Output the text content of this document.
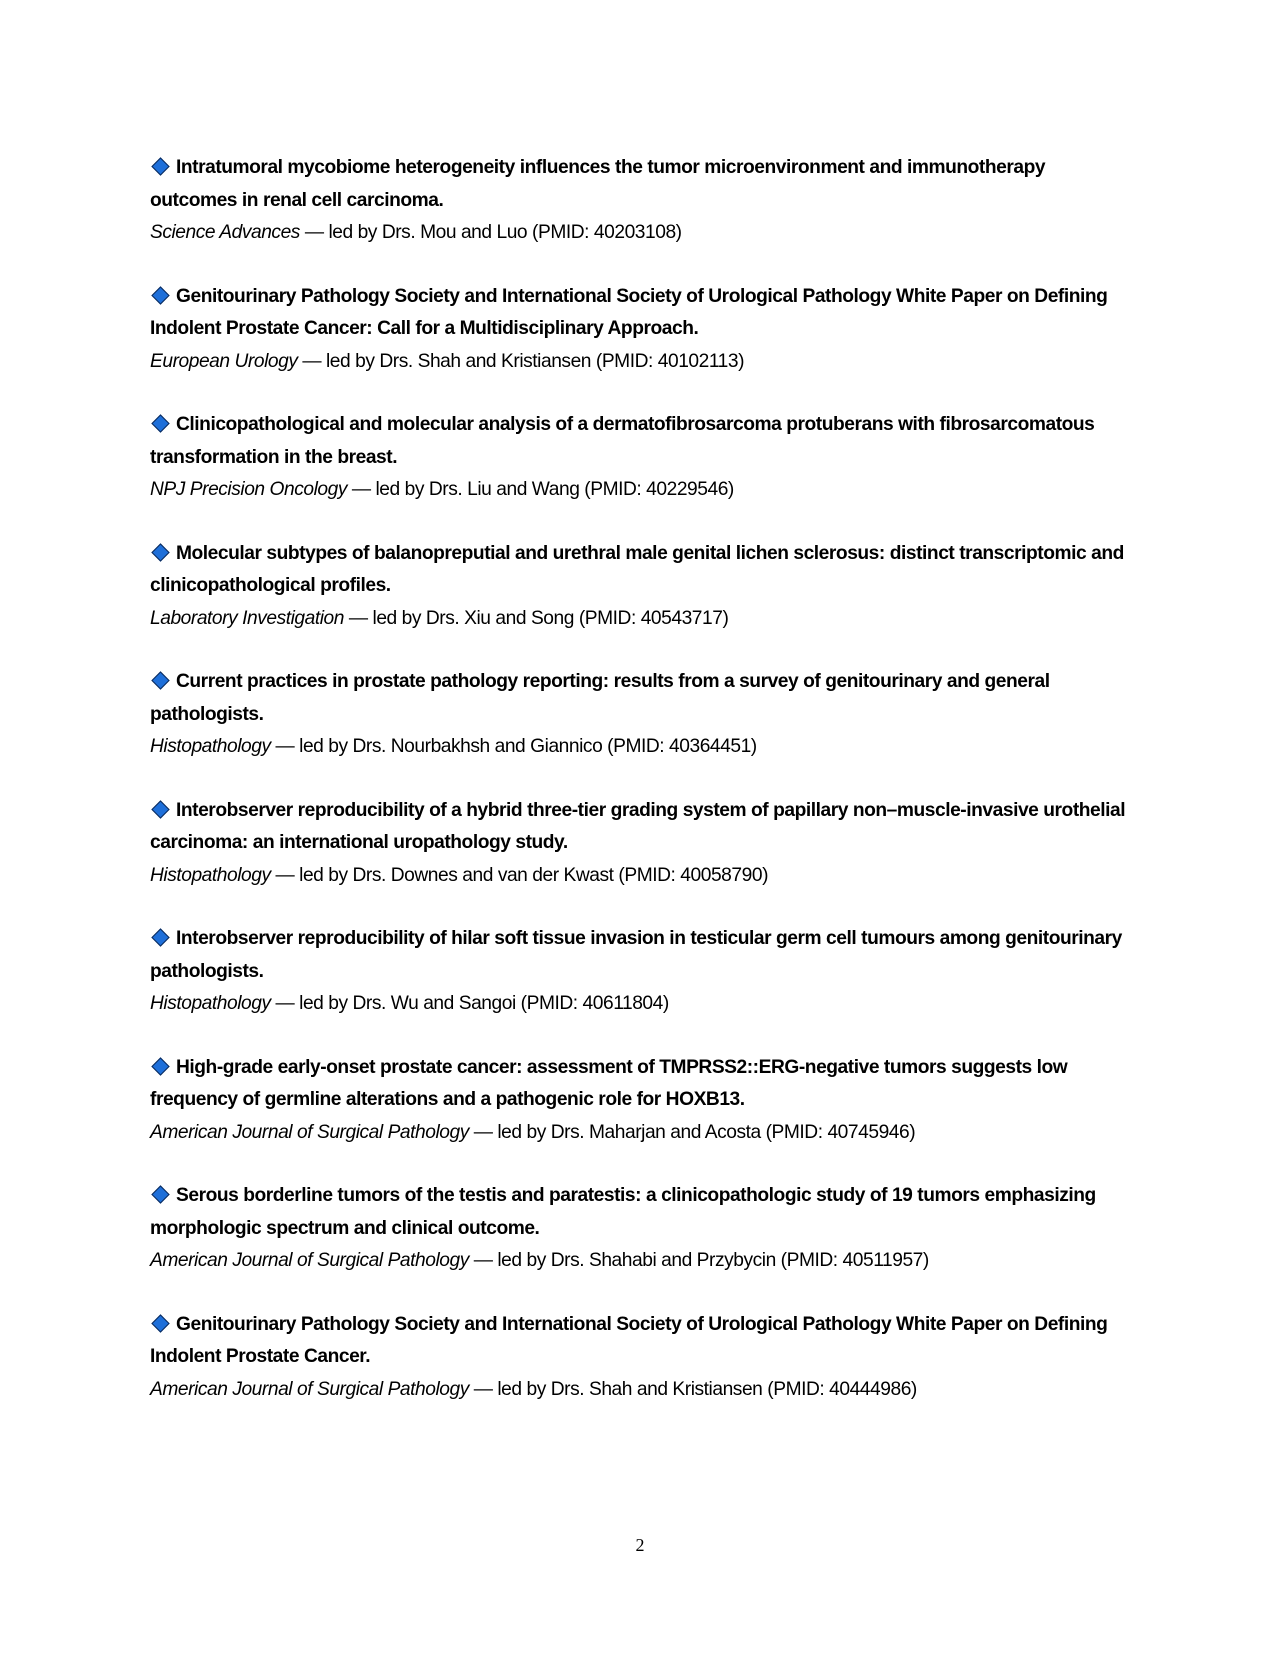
Intratumoral mycobiome heterogeneity influences the tumor microenvironment and immunotherapy outcomes in renal cell carcinoma.

Science Advances — led by Drs. Mou and Luo (PMID: 40203108)

Genitourinary Pathology Society and International Society of Urological Pathology White Paper on Defining Indolent Prostate Cancer: Call for a Multidisciplinary Approach.

European Urology — led by Drs. Shah and Kristiansen (PMID: 40102113)

Clinicopathological and molecular analysis of a dermatofibrosarcoma protuberans with fibrosarcomatous transformation in the breast.

NPJ Precision Oncology — led by Drs. Liu and Wang (PMID: 40229546)

Molecular subtypes of balanopreputial and urethral male genital lichen sclerosus: distinct transcriptomic and clinicopathological profiles.

Laboratory Investigation — led by Drs. Xiu and Song (PMID: 40543717)

Current practices in prostate pathology reporting: results from a survey of genitourinary and general pathologists.

Histopathology — led by Drs. Nourbakhsh and Giannico (PMID: 40364451)

Interobserver reproducibility of a hybrid three-tier grading system of papillary non–muscle-invasive urothelial carcinoma: an international uropathology study.

Histopathology — led by Drs. Downes and van der Kwast (PMID: 40058790)

Interobserver reproducibility of hilar soft tissue invasion in testicular germ cell tumours among genitourinary pathologists.

Histopathology — led by Drs. Wu and Sangoi (PMID: 40611804)

High-grade early-onset prostate cancer: assessment of TMPRSS2::ERG-negative tumors suggests low frequency of germline alterations and a pathogenic role for HOXB13.

American Journal of Surgical Pathology — led by Drs. Maharjan and Acosta (PMID: 40745946)

Serous borderline tumors of the testis and paratestis: a clinicopathologic study of 19 tumors emphasizing morphologic spectrum and clinical outcome.

American Journal of Surgical Pathology — led by Drs. Shahabi and Przybycin (PMID: 40511957)

Genitourinary Pathology Society and International Society of Urological Pathology White Paper on Defining Indolent Prostate Cancer.

American Journal of Surgical Pathology — led by Drs. Shah and Kristiansen (PMID: 40444986)

2
